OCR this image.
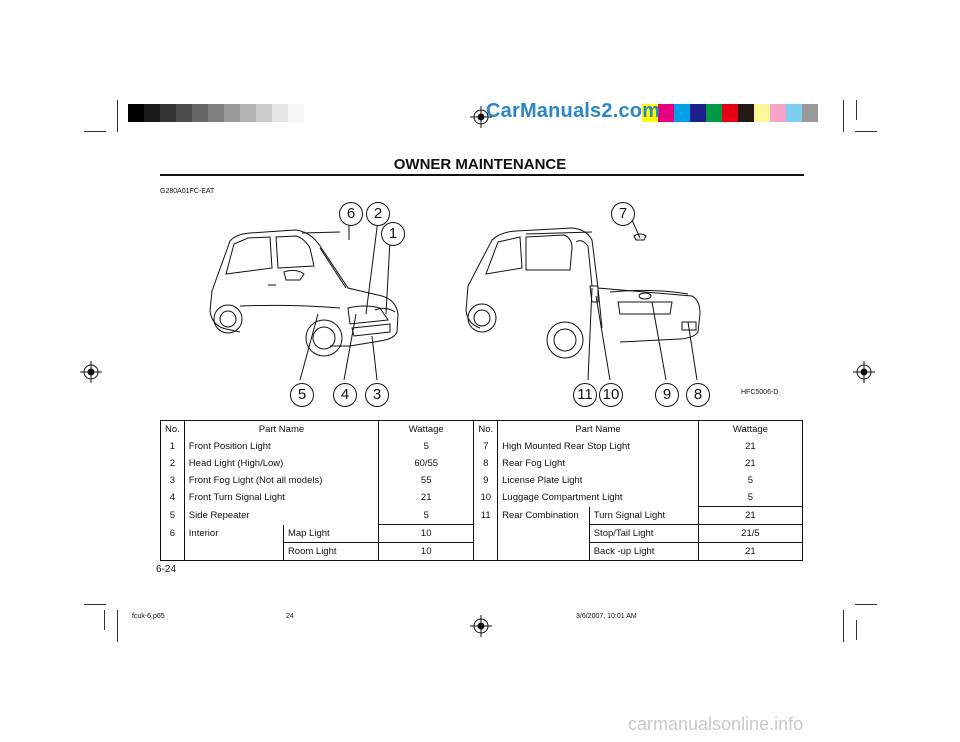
CarManuals2.com
OWNER MAINTENANCE
G280A01FC-EAT
6	2
1
5	4	3
7
11 10	9	8	HFC5006-D
No.	Part Name		Wattage	No.	Part Name		Wattage
1	Front Position Light		5	7	High Mounted Rear Stop Light		21
2	Head Light (High/Low)		60/55	8	Rear Fog Light		21
3	Front Fog Light (Not all models)		55	9	License Plate Light		5
4	Front Turn Signal Light		21	10	Luggage Compartment Light		5
5	Side Repeater		5	11	Rear Combination	Turn Signal Light	21
6	Interior	Map Light	10			Stop/Tail Light	21/5
		Room Light	10			Back -up Light	21
6-24
fcuk-6.p65	24	3/6/2007, 10:01 AM
carmanualsonline.info
